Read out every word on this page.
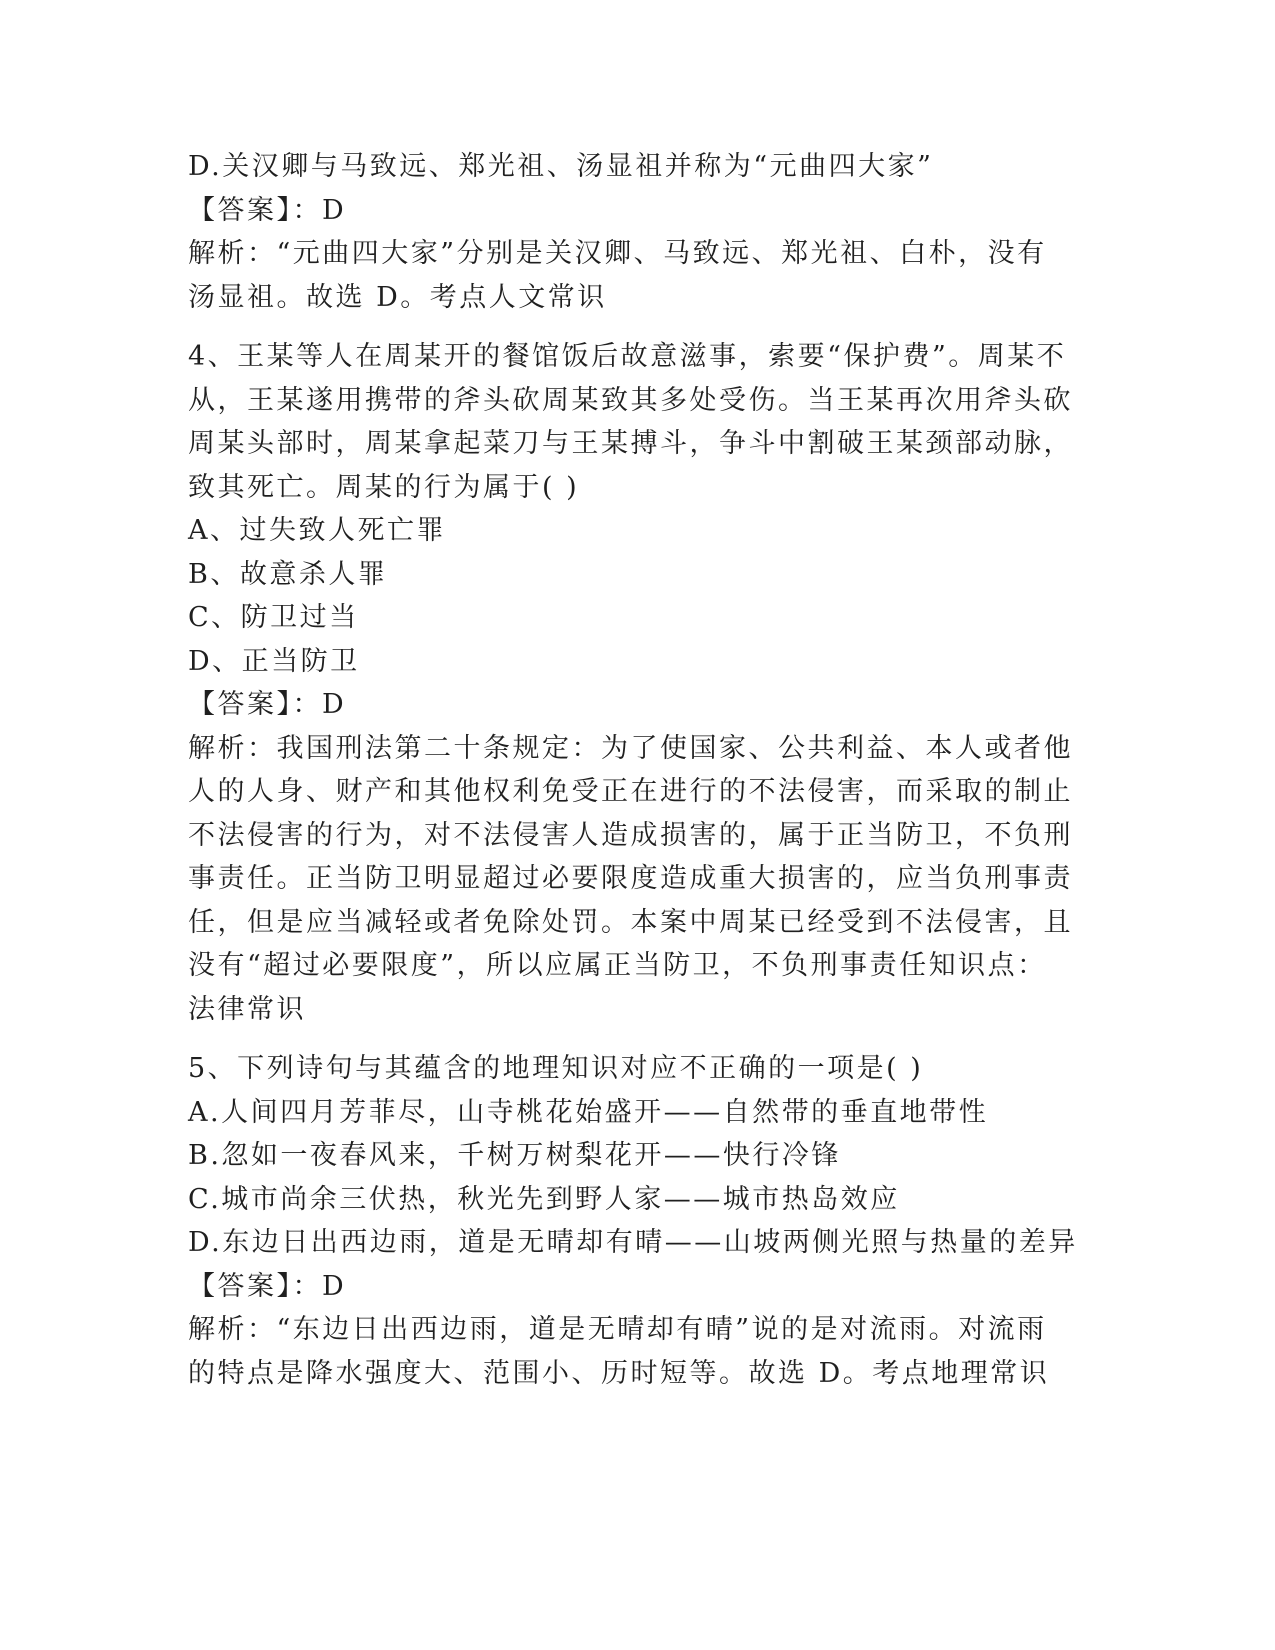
D.关汉卿与马致远、郑光祖、汤显祖并称为“元曲四大家”
【答案】：D
解析：“元曲四大家”分别是关汉卿、马致远、郑光祖、白朴，没有
汤显祖。故选 D。考点人文常识
4、王某等人在周某开的餐馆饭后故意滋事，索要“保护费”。周某不
从，王某遂用携带的斧头砍周某致其多处受伤。当王某再次用斧头砍
周某头部时，周某拿起菜刀与王某搏斗，争斗中割破王某颈部动脉，
致其死亡。周某的行为属于( )
A、过失致人死亡罪
B、故意杀人罪
C、防卫过当
D、正当防卫
【答案】：D
解析：我国刑法第二十条规定：为了使国家、公共利益、本人或者他
人的人身、财产和其他权利免受正在进行的不法侵害，而采取的制止
不法侵害的行为，对不法侵害人造成损害的，属于正当防卫，不负刑
事责任。正当防卫明显超过必要限度造成重大损害的，应当负刑事责
任，但是应当减轻或者免除处罚。本案中周某已经受到不法侵害，且
没有“超过必要限度”，所以应属正当防卫，不负刑事责任知识点：
法律常识
5、下列诗句与其蕴含的地理知识对应不正确的一项是( )
A.人间四月芳菲尽，山寺桃花始盛开——自然带的垂直地带性
B.忽如一夜春风来，千树万树梨花开——快行冷锋
C.城市尚余三伏热，秋光先到野人家——城市热岛效应
D.东边日出西边雨，道是无晴却有晴——山坡两侧光照与热量的差异
【答案】：D
解析：“东边日出西边雨，道是无晴却有晴”说的是对流雨。对流雨
的特点是降水强度大、范围小、历时短等。故选 D。考点地理常识
